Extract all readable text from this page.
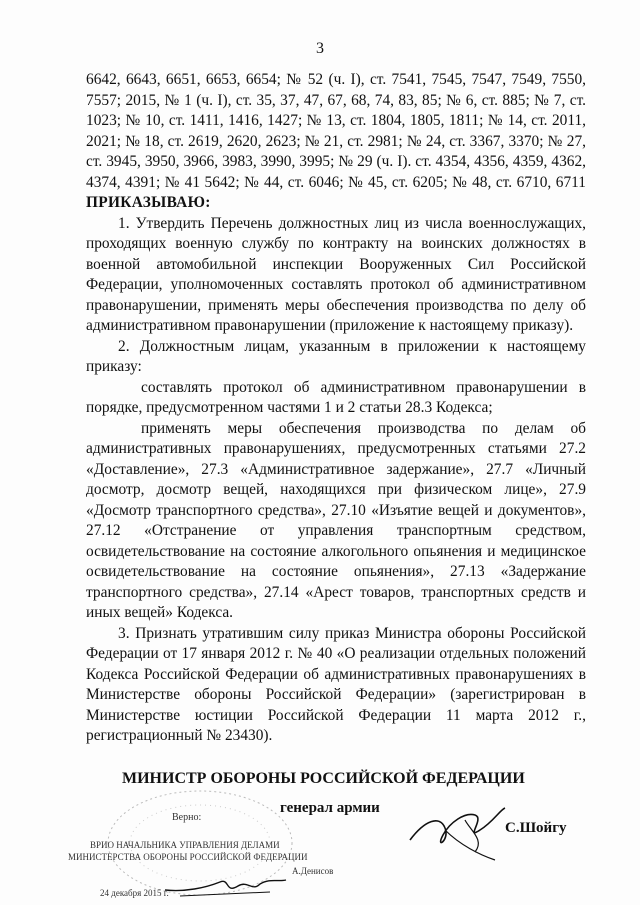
3

6642, 6643, 6651, 6653, 6654; № 52 (ч. I), ст. 7541, 7545, 7547, 7549, 7550, 7557; 2015, № 1 (ч. I), ст. 35, 37, 47, 67, 68, 74, 83, 85; № 6, ст. 885; № 7, ст. 1023; № 10, ст. 1411, 1416, 1427; № 13, ст. 1804, 1805, 1811; № 14, ст. 2011, 2021; № 18, ст. 2619, 2620, 2623; № 21, ст. 2981; № 24, ст. 3367, 3370; № 27, ст. 3945, 3950, 3966, 3983, 3990, 3995; № 29 (ч. I). ст. 4354, 4356, 4359, 4362, 4374, 4391; № 41 5642; № 44, ст. 6046; № 45, ст. 6205; № 48, ст. 6710, 6711 ПРИКАЗЫВАЮ:

1. Утвердить Перечень должностных лиц из числа военнослужащих, проходящих военную службу по контракту на воинских должностях в военной автомобильной инспекции Вооруженных Сил Российской Федерации, уполномоченных составлять протокол об административном правонарушении, применять меры обеспечения производства по делу об административном правонарушении (приложение к настоящему приказу).

2. Должностным лицам, указанным в приложении к настоящему приказу:

составлять протокол об административном правонарушении в порядке, предусмотренном частями 1 и 2 статьи 28.3 Кодекса;

применять меры обеспечения производства по делам об административных правонарушениях, предусмотренных статьями 27.2 «Доставление», 27.3 «Административное задержание», 27.7 «Личный досмотр, досмотр вещей, находящихся при физическом лице», 27.9 «Досмотр транспортного средства», 27.10 «Изъятие вещей и документов», 27.12 «Отстранение от управления транспортным средством, освидетельствование на состояние алкогольного опьянения и медицинское освидетельствование на состояние опьянения», 27.13 «Задержание транспортного средства», 27.14 «Арест товаров, транспортных средств и иных вещей» Кодекса.

3. Признать утратившим силу приказ Министра обороны Российской Федерации от 17 января 2012 г. № 40 «О реализации отдельных положений Кодекса Российской Федерации об административных правонарушениях в Министерстве обороны Российской Федерации» (зарегистрирован в Министерстве юстиции Российской Федерации 11 марта 2012 г., регистрационный № 23430).

МИНИСТР ОБОРОНЫ РОССИЙСКОЙ ФЕДЕРАЦИИ
Верно:
генерал армии
С.Шойгу
ВРИО НАЧАЛЬНИКА УПРАВЛЕНИЯ ДЕЛАМИ
МИНИСТЕРСТВА ОБОРОНЫ РОССИЙСКОЙ ФЕДЕРАЦИИ
А.Денисов
24 декабря 2015 г.
